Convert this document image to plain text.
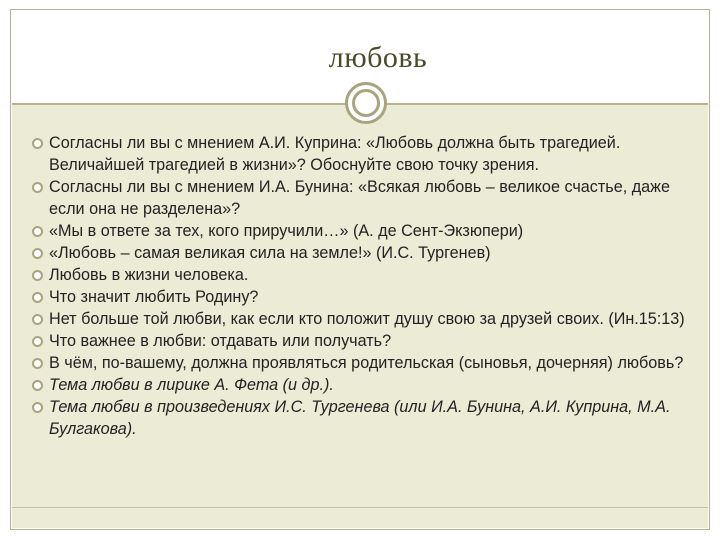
любовь
Согласны ли вы с мнением А.И. Куприна: «Любовь должна быть трагедией. Величайшей трагедией в жизни»? Обоснуйте свою точку зрения.
Согласны ли вы с мнением И.А. Бунина: «Всякая любовь – великое счастье, даже если она не разделена»?
«Мы в ответе за тех, кого приручили…» (А. де Сент-Экзюпери)
«Любовь – самая великая сила на земле!» (И.С. Тургенев)
Любовь в жизни человека.
Что значит любить Родину?
Нет больше той любви, как если кто положит душу свою за друзей своих. (Ин.15:13)
Что важнее в любви: отдавать или получать?
В чём, по-вашему, должна проявляться родительская (сыновья, дочерняя) любовь?
Тема любви в лирике А. Фета (и др.).
Тема любви в произведениях И.С. Тургенева (или И.А. Бунина, А.И. Куприна, М.А. Булгакова).
